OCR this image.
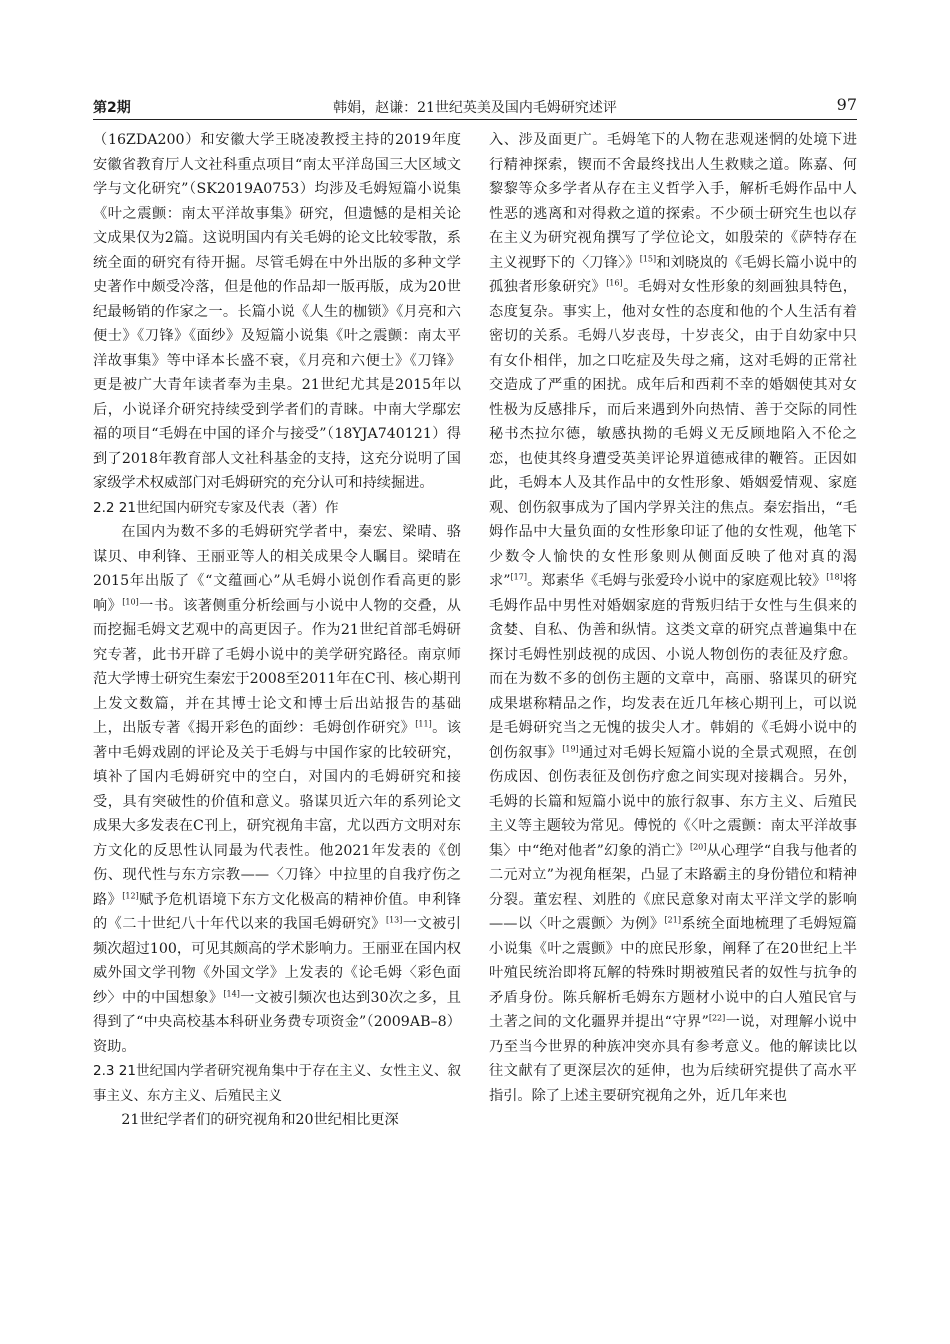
第2期	韩娟，赵谦：21世纪英美及国内毛姆研究述评	97

（16ZDA200）和安徽大学王晓凌教授主持的2019年度安徽省教育厅人文社科重点项目“南太平洋岛国三大区域文学与文化研究”（SK2019A0753）均涉及毛姆短篇小说集《叶之震颤：南太平洋故事集》研究，但遗憾的是相关论文成果仅为2篇。这说明国内有关毛姆的论文比较零散，系统全面的研究有待开掘。尽管毛姆在中外出版的多种文学史著作中颇受冷落，但是他的作品却一版再版，成为20世纪最畅销的作家之一。长篇小说《人生的枷锁》《月亮和六便士》《刀锋》《面纱》及短篇小说集《叶之震颤：南太平洋故事集》等中译本长盛不衰，《月亮和六便士》《刀锋》更是被广大青年读者奉为圭臬。21世纪尤其是2015年以后，小说译介研究持续受到学者们的青睐。中南大学鄢宏福的项目“毛姆在中国的译介与接受”（18YJA740121）得到了2018年教育部人文社科基金的支持，这充分说明了国家级学术权威部门对毛姆研究的充分认可和持续掘进。

2.2 21世纪国内研究专家及代表（著）作

在国内为数不多的毛姆研究学者中，秦宏、梁晴、骆谋贝、申利锋、王丽亚等人的相关成果令人瞩目。梁晴在2015年出版了《“文蕴画心”从毛姆小说创作看高更的影响》[10]一书。该著侧重分析绘画与小说中人物的交叠，从而挖掘毛姆文艺观中的高更因子。作为21世纪首部毛姆研究专著，此书开辟了毛姆小说中的美学研究路径。南京师范大学博士研究生秦宏于2008至2011年在C刊、核心期刊上发文数篇，并在其博士论文和博士后出站报告的基础上，出版专著《揭开彩色的面纱：毛姆创作研究》[11]。该著中毛姆戏剧的评论及关于毛姆与中国作家的比较研究，填补了国内毛姆研究中的空白，对国内的毛姆研究和接受，具有突破性的价值和意义。骆谋贝近六年的系列论文成果大多发表在C刊上，研究视角丰富，尤以西方文明对东方文化的反思性认同最为代表性。他2021年发表的《创伤、现代性与东方宗教——〈刀锋〉中拉里的自我疗伤之路》[12]赋予危机语境下东方文化极高的精神价值。申利锋的《二十世纪八十年代以来的我国毛姆研究》[13]一文被引频次超过100，可见其颇高的学术影响力。王丽亚在国内权威外国文学刊物《外国文学》上发表的《论毛姆〈彩色面纱〉中的中国想象》[14]一文被引频次也达到30次之多，且得到了“中央高校基本科研业务费专项资金”（2009AB–8）资助。

2.3 21世纪国内学者研究视角集中于存在主义、女性主义、叙事主义、东方主义、后殖民主义

21世纪学者们的研究视角和20世纪相比更深

入、涉及面更广。毛姆笔下的人物在悲观迷惘的处境下进行精神探索，锲而不舍最终找出人生救赎之道。陈嘉、何黎黎等众多学者从存在主义哲学入手，解析毛姆作品中人性恶的逃离和对得救之道的探索。不少硕士研究生也以存在主义为研究视角撰写了学位论文，如殷荣的《萨特存在主义视野下的〈刀锋〉》[15]和刘晓岚的《毛姆长篇小说中的孤独者形象研究》[16]。毛姆对女性形象的刻画独具特色，态度复杂。事实上，他对女性的态度和他的个人生活有着密切的关系。毛姆八岁丧母，十岁丧父，由于自幼家中只有女仆相伴，加之口吃症及失母之痛，这对毛姆的正常社交造成了严重的困扰。成年后和西莉不幸的婚姻使其对女性极为反感排斥，而后来遇到外向热情、善于交际的同性秘书杰拉尔德，敏感执拗的毛姆义无反顾地陷入不伦之恋，也使其终身遭受英美评论界道德戒律的鞭笞。正因如此，毛姆本人及其作品中的女性形象、婚姻爱情观、家庭观、创伤叙事成为了国内学界关注的焦点。秦宏指出，“毛姆作品中大量负面的女性形象印证了他的女性观，他笔下少数令人愉快的女性形象则从侧面反映了他对真的渴求”[17]。郑素华《毛姆与张爱玲小说中的家庭观比较》[18]将毛姆作品中男性对婚姻家庭的背叛归结于女性与生俱来的贪婪、自私、伪善和纵情。这类文章的研究点普遍集中在探讨毛姆性别歧视的成因、小说人物创伤的表征及疗愈。而在为数不多的创伤主题的文章中，高丽、骆谋贝的研究成果堪称精品之作，均发表在近几年核心期刊上，可以说是毛姆研究当之无愧的拔尖人才。韩娟的《毛姆小说中的创伤叙事》[19]通过对毛姆长短篇小说的全景式观照，在创伤成因、创伤表征及创伤疗愈之间实现对接耦合。另外，毛姆的长篇和短篇小说中的旅行叙事、东方主义、后殖民主义等主题较为常见。傅悦的《〈叶之震颤：南太平洋故事集〉中“绝对他者”幻象的消亡》[20]从心理学“自我与他者的二元对立”为视角框架，凸显了末路霸主的身份错位和精神分裂。董宏程、刘胜的《庶民意象对南太平洋文学的影响——以〈叶之震颤〉为例》[21]系统全面地梳理了毛姆短篇小说集《叶之震颤》中的庶民形象，阐释了在20世纪上半叶殖民统治即将瓦解的特殊时期被殖民者的奴性与抗争的矛盾身份。陈兵解析毛姆东方题材小说中的白人殖民官与土著之间的文化疆界并提出“守界”[22]一说，对理解小说中乃至当今世界的种族冲突亦具有参考意义。他的解读比以往文献有了更深层次的延伸，也为后续研究提供了高水平指引。除了上述主要研究视角之外，近几年来也
